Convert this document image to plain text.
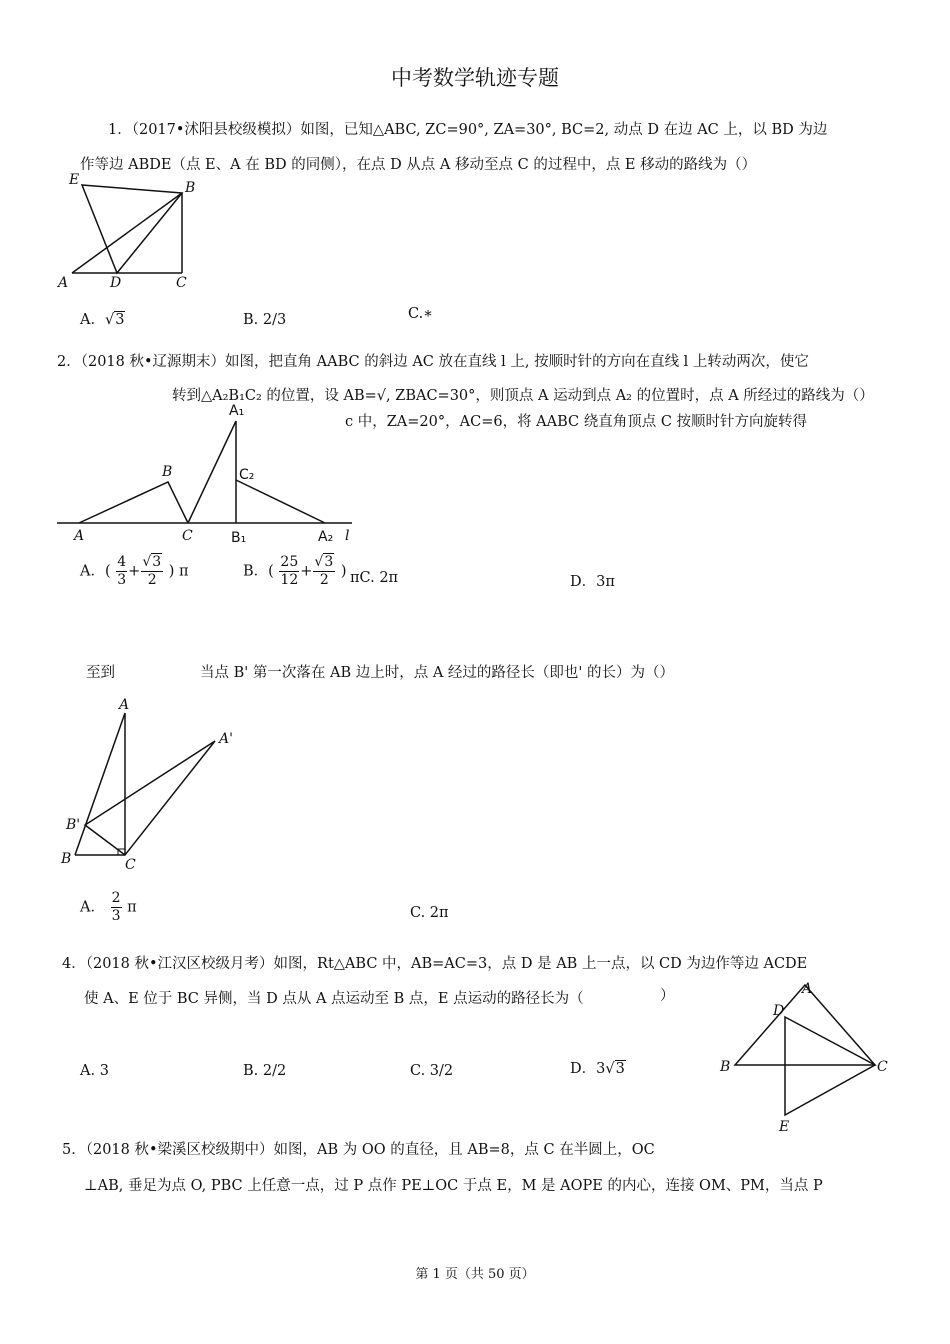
中考数学轨迹专题
1．（2017•沭阳县校级模拟）如图，已知△ABC, ZC=90°, ZA=30°, BC=2, 动点 D 在边 AC 上，以 BD 为边
作等边 ABDE（点 E、A 在 BD 的同侧），在点 D 从点 A 移动至点 C 的过程中，点 E 移动的路线为（）
E	B
A	D	C
A．√3	B. 2/3	C.∗
2．（2018 秋•辽源期末）如图，把直角 AABC 的斜边 AC 放在直线 l 上, 按顺时针的方向在直线 l 上转动两次，使它
转到△A₂B₁C₂ 的位置，设 AB=√, ZBAC=30°，则顶点 A 运动到点 A₂ 的位置时，点 A 所经过的路线为（）
c 中，ZA=20°，AC=6，将 AABC 绕直角顶点 C 按顺时针方向旋转得
A₁
B	C₂
A	C	B₁	A₂ l
A．( $\frac{4}{3} + \frac{√3}{2}$ ) π	B．( $\frac{25}{12} + \frac{√3}{2}$ ) πC. 2π	D．3π
至到	当点 B' 第一次落在 AB 边上时，点 A 经过的路径长（即也' 的长）为（）
A
A'
B'
B	C
A． $\frac{2}{3}$ π	C. 2π
4．（2018 秋•江汉区校级月考）如图，Rt△ABC 中，AB=AC=3，点 D 是 AB 上一点，以 CD 为边作等边 ACDE
使 A、E 位于 BC 异侧，当 D 点从 A 点运动至 B 点，E 点运动的路径长为（	）	A
D
B	C
E
A. 3	B. 2/2	C. 3/2	D．3√3
5．（2018 秋•梁溪区校级期中）如图，AB 为 OO 的直径，且 AB=8，点 C 在半圆上，OC
⊥AB, 垂足为点 O, PBC 上任意一点，过 P 点作 PE⊥OC 于点 E，M 是 AOPE 的内心，连接 OM、PM，当点 P
第 1 页（共 50 页）
